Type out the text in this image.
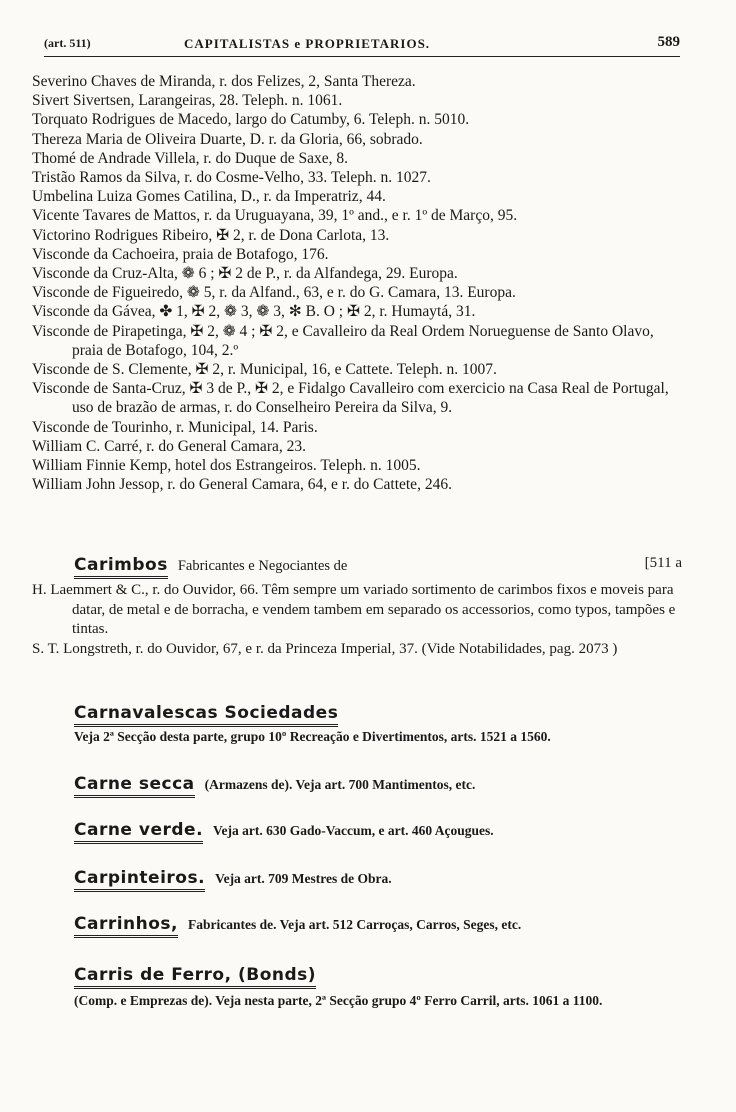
(art. 511)	CAPITALISTAS e PROPRIETARIOS.	589
Severino Chaves de Miranda, r. dos Felizes, 2, Santa Thereza.
Sivert Sivertsen, Larangeiras, 28. Teleph. n. 1061.
Torquato Rodrigues de Macedo, largo do Catumby, 6. Teleph. n. 5010.
Thereza Maria de Oliveira Duarte, D. r. da Gloria, 66, sobrado.
Thomé de Andrade Villela, r. do Duque de Saxe, 8.
Tristão Ramos da Silva, r. do Cosme-Velho, 33. Teleph. n. 1027.
Umbelina Luiza Gomes Catilina, D., r. da Imperatriz, 44.
Vicente Tavares de Mattos, r. da Uruguayana, 39, 1º and., e r. 1º de Março, 95.
Victorino Rodrigues Ribeiro, ✠ 2, r. de Dona Carlota, 13.
Visconde da Cachoeira, praia de Botafogo, 176.
Visconde da Cruz-Alta, ❁ 6 ; ✠ 2 de P., r. da Alfandega, 29. Europa.
Visconde de Figueiredo, ❁ 5, r. da Alfand., 63, e r. do G. Camara, 13. Europa.
Visconde da Gávea, ✤ 1, ✠ 2, ❁ 3, ❁ 3, ✻ B. O ; ✠ 2, r. Humaytá, 31.
Visconde de Pirapetinga, ✠ 2, ❁ 4 ; ✠ 2, e Cavalleiro da Real Ordem Norueguense de Santo Olavo, praia de Botafogo, 104, 2.º
Visconde de S. Clemente, ✠ 2, r. Municipal, 16, e Cattete. Teleph. n. 1007.
Visconde de Santa-Cruz, ✠ 3 de P., ✠ 2, e Fidalgo Cavalleiro com exercicio na Casa Real de Portugal, uso de brazão de armas, r. do Conselheiro Pereira da Silva, 9.
Visconde de Tourinho, r. Municipal, 14. Paris.
William C. Carré, r. do General Camara, 23.
William Finnie Kemp, hotel dos Estrangeiros. Teleph. n. 1005.
William John Jessop, r. do General Camara, 64, e r. do Cattete, 246.
Carimbos Fabricantes e Negociantes de	[511 a
H. Laemmert & C., r. do Ouvidor, 66. Têm sempre um variado sortimento de carimbos fixos e moveis para datar, de metal e de borracha, e vendem tambem em separado os accessorios, como typos, tampões e tintas.
S. T. Longstreth, r. do Ouvidor, 67, e r. da Princeza Imperial, 37. (Vide Notabilidades, pag. 2073 )
Carnavalescas Sociedades
Veja 2ª Secção desta parte, grupo 10º Recreação e Divertimentos, arts. 1521 a 1560.
Carne secca (Armazens de). Veja art. 700 Mantimentos, etc.
Carne verde. Veja art. 630 Gado-Vaccum, e art. 460 Açougues.
Carpinteiros. Veja art. 709 Mestres de Obra.
Carrinhos, Fabricantes de. Veja art. 512 Carroças, Carros, Seges, etc.
Carris de Ferro, (Bonds)
(Comp. e Emprezas de). Veja nesta parte, 2ª Secção grupo 4º Ferro Carril, arts. 1061 a 1100.
